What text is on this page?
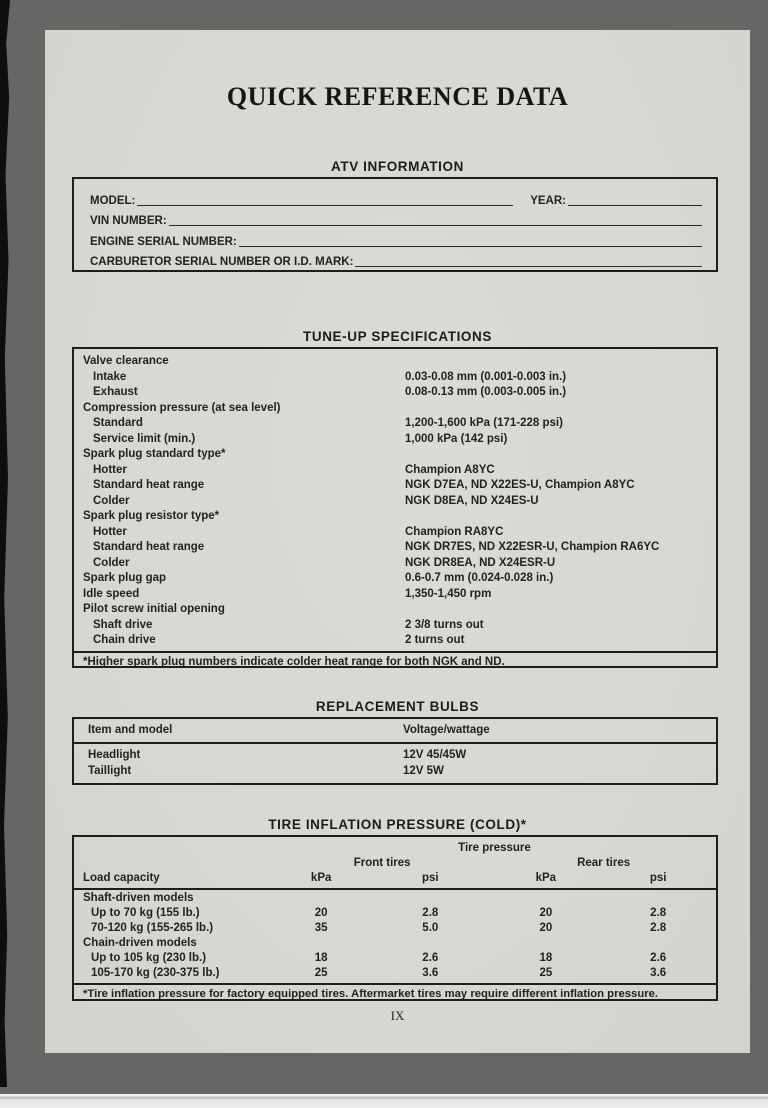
QUICK REFERENCE DATA
ATV INFORMATION
MODEL:	YEAR:
VIN NUMBER:
ENGINE SERIAL NUMBER:
CARBURETOR SERIAL NUMBER OR I.D. MARK:
TUNE-UP SPECIFICATIONS
Valve clearance
Intake	0.03-0.08 mm (0.001-0.003 in.)
Exhaust	0.08-0.13 mm (0.003-0.005 in.)
Compression pressure (at sea level)
Standard	1,200-1,600 kPa (171-228 psi)
Service limit (min.)	1,000 kPa (142 psi)
Spark plug standard type*
Hotter	Champion A8YC
Standard heat range	NGK D7EA, ND X22ES-U, Champion A8YC
Colder	NGK D8EA, ND X24ES-U
Spark plug resistor type*
Hotter	Champion RA8YC
Standard heat range	NGK DR7ES, ND X22ESR-U, Champion RA6YC
Colder	NGK DR8EA, ND X24ESR-U
Spark plug gap	0.6-0.7 mm (0.024-0.028 in.)
Idle speed	1,350-1,450 rpm
Pilot screw initial opening
Shaft drive	2 3/8 turns out
Chain drive	2 turns out
*Higher spark plug numbers indicate colder heat range for both NGK and ND.
REPLACEMENT BULBS
Item and model	Voltage/wattage
Headlight	12V 45/45W
Taillight	12V 5W
TIRE INFLATION PRESSURE (COLD)*
Tire pressure
Front tires	Rear tires
Load capacity	kPa	psi	kPa	psi
Shaft-driven models
Up to 70 kg (155 lb.)	20	2.8	20	2.8
70-120 kg (155-265 lb.)	35	5.0	20	2.8
Chain-driven models
Up to 105 kg (230 lb.)	18	2.6	18	2.6
105-170 kg (230-375 lb.)	25	3.6	25	3.6
*Tire inflation pressure for factory equipped tires. Aftermarket tires may require different inflation pressure.
IX
